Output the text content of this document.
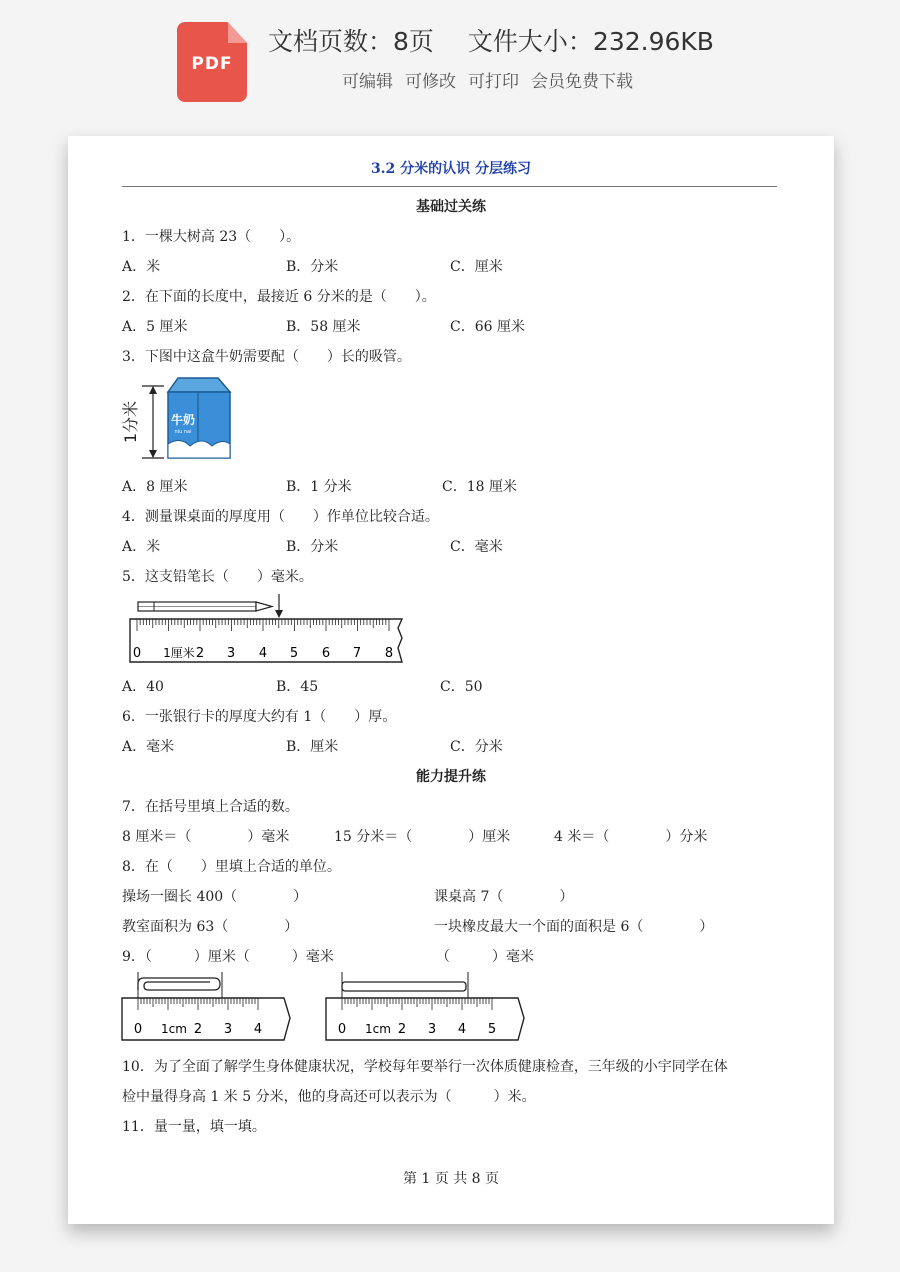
PDF
文档页数：8页 文件大小：232.96KB
可编辑 可修改 可打印 会员免费下载
3.2 分米的认识 分层练习
基础过关练
1．一棵大树高 23（　　）。
A．米	B．分米	C．厘米
2．在下面的长度中，最接近 6 分米的是（　　）。
A．5 厘米	B．58 厘米	C．66 厘米
3．下图中这盒牛奶需要配（　　）长的吸管。
1分米	牛奶
niu nai
A．8 厘米	B．1 分米	C．18 厘米
4．测量课桌面的厚度用（　　）作单位比较合适。
A．米	B．分米	C．毫米
5．这支铅笔长（　　）毫米。
0 1厘米 2 3 4 5 6 7 8
A．40	B．45	C．50
6．一张银行卡的厚度大约有 1（　　）厚。
A．毫米	B．厘米	C．分米
能力提升练
7．在括号里填上合适的数。
8 厘米＝（　　　　）毫米	15 分米＝（　　　　）厘米	4 米＝（　　　　）分米
8．在（　　）里填上合适的单位。
操场一圈长 400（　　　　）	课桌高 7（　　　　）
教室面积为 63（　　　　）	一块橡皮最大一个面的面积是 6（　　　　）
9．（　　　）厘米（　　　）毫米	（　　　）毫米
0 1cm 2 3 4	0 1cm 2 3 4 5
10．为了全面了解学生身体健康状况，学校每年要举行一次体质健康检查，三年级的小宇同学在体
检中量得身高 1 米 5 分米，他的身高还可以表示为（　　　）米。
11．量一量，填一填。
第 1 页 共 8 页
